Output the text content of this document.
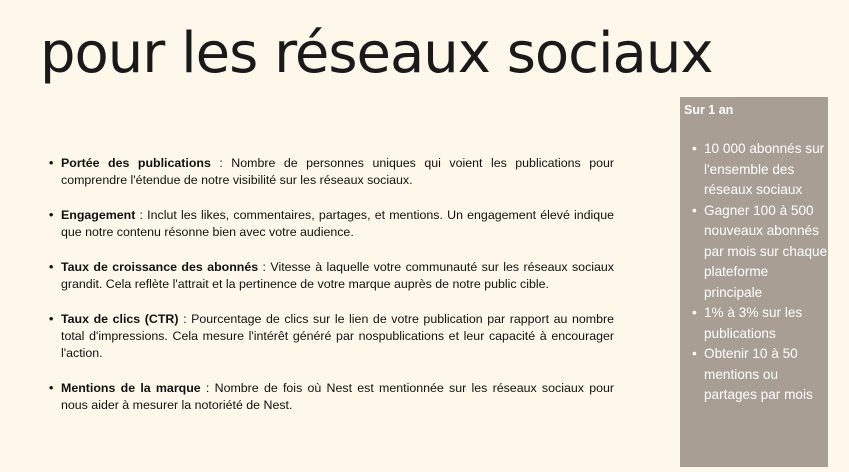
pour les réseaux sociaux
• Portée des publications : Nombre de personnes uniques qui voient les publications pour comprendre l'étendue de notre visibilité sur les réseaux sociaux.
• Engagement : Inclut les likes, commentaires, partages, et mentions. Un engagement élevé indique que notre contenu résonne bien avec votre audience.
• Taux de croissance des abonnés : Vitesse à laquelle votre communauté sur les réseaux sociaux grandit. Cela reflète l'attrait et la pertinence de votre marque auprès de notre public cible.
• Taux de clics (CTR) : Pourcentage de clics sur le lien de votre publication par rapport au nombre total d'impressions. Cela mesure l'intérêt généré par nospublications et leur capacité à encourager l'action.
• Mentions de la marque : Nombre de fois où Nest est mentionnée sur les réseaux sociaux pour nous aider à mesurer la notoriété de Nest.

Sur 1 an

• 10 000 abonnés sur l'ensemble des réseaux sociaux
• Gagner 100 à 500 nouveaux abonnés par mois sur chaque plateforme principale
• 1% à 3% sur les publications
• Obtenir 10 à 50 mentions ou partages par mois
